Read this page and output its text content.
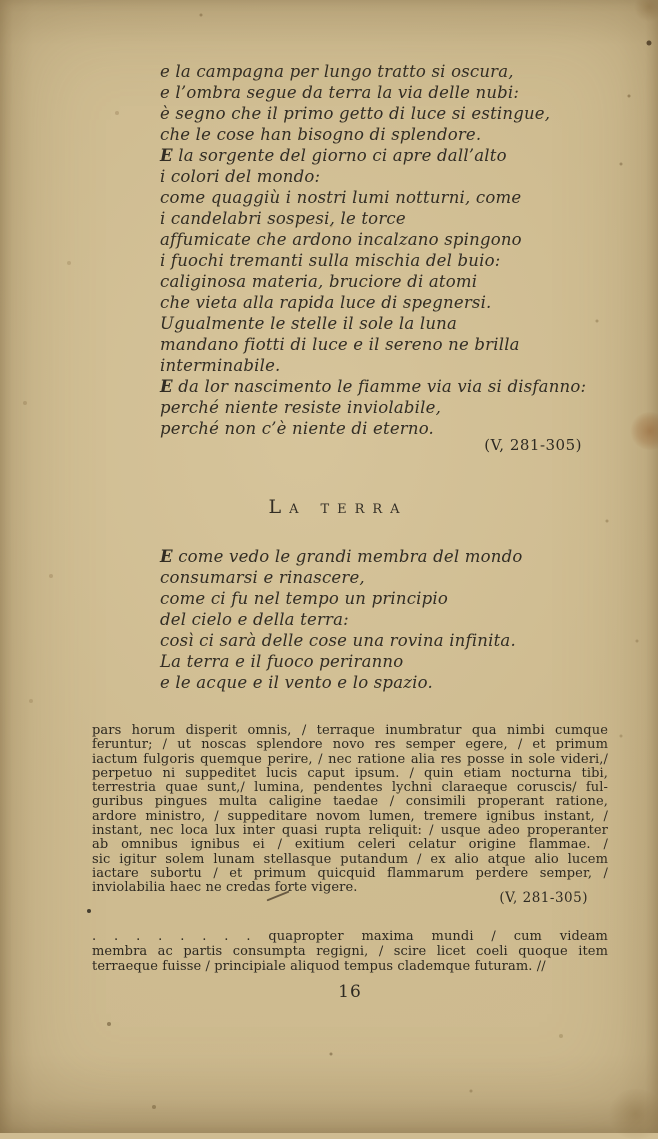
e la campagna per lungo tratto si oscura,
e l’ombra segue da terra la via delle nubi:
è segno che il primo getto di luce si estingue,
che le cose han bisogno di splendore.
E la sorgente del giorno ci apre dall’alto
i colori del mondo:
come quaggiù i nostri lumi notturni, come
i candelabri sospesi, le torce
affumicate che ardono incalzano spingono
i fuochi tremanti sulla mischia del buio:
caliginosa materia, bruciore di atomi
che vieta alla rapida luce di spegnersi.
Ugualmente le stelle il sole la luna
mandano fiotti di luce e il sereno ne brilla
interminabile.
E da lor nascimento le fiamme via via si disfanno:
perché niente resiste inviolabile,
perché non c’è niente di eterno.
(V, 281-305)
La terra
E come vedo le grandi membra del mondo
consumarsi e rinascere,
come ci fu nel tempo un principio
del cielo e della terra:
così ci sarà delle cose una rovina infinita.
La terra e il fuoco periranno
e le acque e il vento e lo spazio.
pars horum disperit omnis, / terraque inumbratur qua nimbi cumque
feruntur; / ut noscas splendore novo res semper egere, / et primum
iactum fulgoris quemque perire, / nec ratione alia res posse in sole videri,/
perpetuo ni suppeditet lucis caput ipsum. / quin etiam nocturna tibi,
terrestria quae sunt,/ lumina, pendentes lychni claraeque coruscis/ ful-
guribus pingues multa caligine taedae / consimili properant ratione,
ardore ministro, / suppeditare novom lumen, tremere ignibus instant, /
instant, nec loca lux inter quasi rupta reliquit: / usque adeo properanter
ab omnibus ignibus ei / exitium celeri celatur origine flammae. /
sic igitur solem lunam stellasque putandum / ex alio atque alio lucem
iactare subortu / et primum quicquid flammarum perdere semper, /
inviolabilia haec ne credas forte vigere.
(V, 281-305)
. . . . . . . . quapropter maxima mundi / cum videam
membra ac partis consumpta regigni, / scire licet coeli quoque item
terraeque fuisse / principiale aliquod tempus clademque futuram. //
16
